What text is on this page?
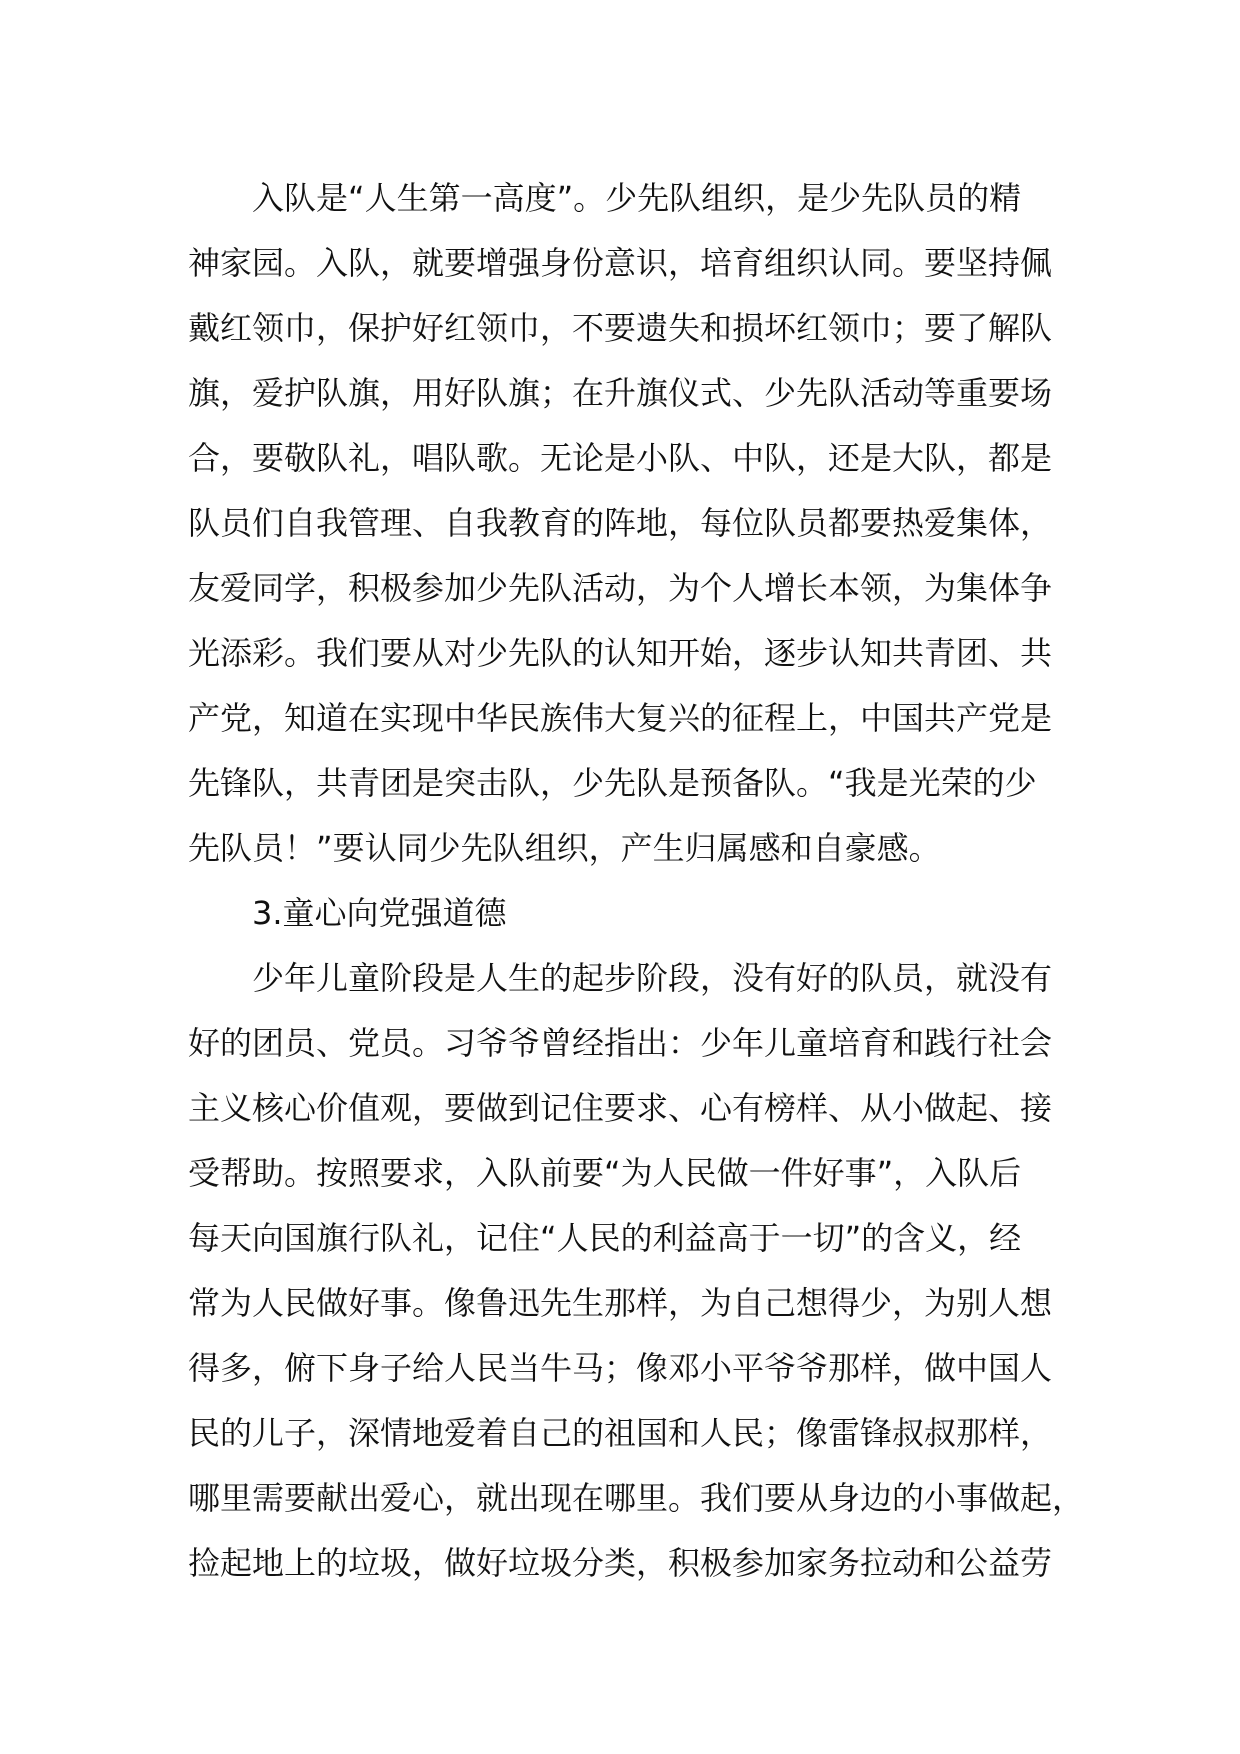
入队是“人生第一高度”。少先队组织，是少先队员的精
神家园。入队，就要增强身份意识，培育组织认同。要坚持佩
戴红领巾，保护好红领巾，不要遗失和损坏红领巾；要了解队
旗，爱护队旗，用好队旗；在升旗仪式、少先队活动等重要场
合，要敬队礼，唱队歌。无论是小队、中队，还是大队，都是
队员们自我管理、自我教育的阵地，每位队员都要热爱集体，
友爱同学，积极参加少先队活动，为个人增长本领，为集体争
光添彩。我们要从对少先队的认知开始，逐步认知共青团、共
产党，知道在实现中华民族伟大复兴的征程上，中国共产党是
先锋队，共青团是突击队，少先队是预备队。“我是光荣的少
先队员！”要认同少先队组织，产生归属感和自豪感。
3.童心向党强道德
少年儿童阶段是人生的起步阶段，没有好的队员，就没有
好的团员、党员。习爷爷曾经指出：少年儿童培育和践行社会
主义核心价值观，要做到记住要求、心有榜样、从小做起、接
受帮助。按照要求，入队前要“为人民做一件好事”，入队后
每天向国旗行队礼，记住“人民的利益高于一切”的含义，经
常为人民做好事。像鲁迅先生那样，为自己想得少，为别人想
得多，俯下身子给人民当牛马；像邓小平爷爷那样，做中国人
民的儿子，深情地爱着自己的祖国和人民；像雷锋叔叔那样，
哪里需要献出爱心，就出现在哪里。我们要从身边的小事做起，
捡起地上的垃圾，做好垃圾分类，积极参加家务拉动和公益劳
